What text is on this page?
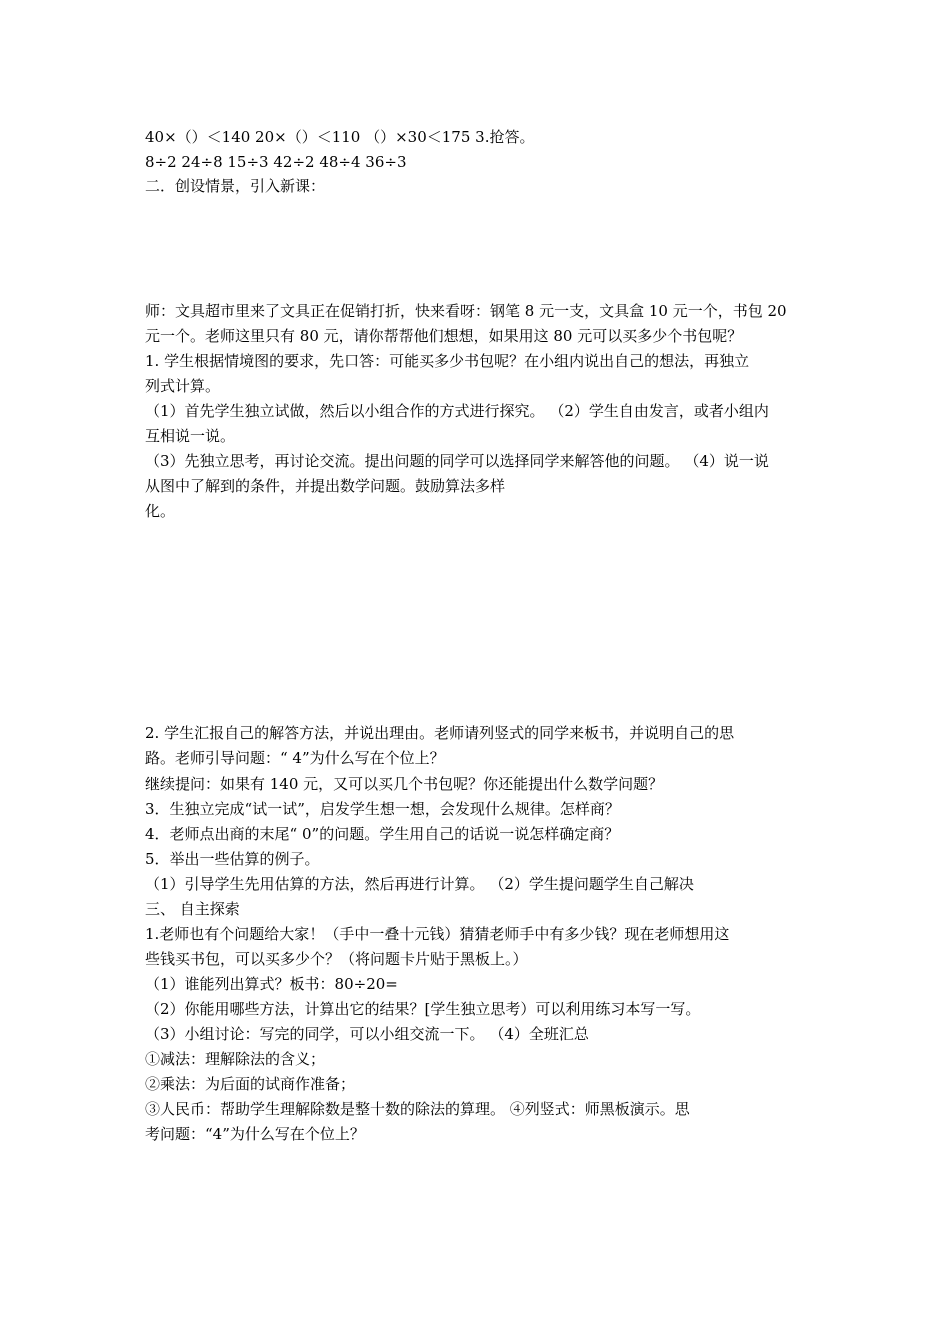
40×（）＜140 20×（）＜110 （）×30＜175 3.抢答。
8÷2 24÷8 15÷3 42÷2 48÷4 36÷3
二．创设情景，引入新课：
师：文具超市里来了文具正在促销打折，快来看呀：钢笔 8 元一支，文具盒 10 元一个，书包 20
元一个。老师这里只有 80 元，请你帮帮他们想想，如果用这 80 元可以买多少个书包呢？
1. 学生根据情境图的要求，先口答：可能买多少书包呢？在小组内说出自己的想法，再独立
列式计算。
（1）首先学生独立试做，然后以小组合作的方式进行探究。 （2）学生自由发言，或者小组内
互相说一说。
（3）先独立思考，再讨论交流。提出问题的同学可以选择同学来解答他的问题。 （4）说一说
从图中了解到的条件，并提出数学问题。鼓励算法多样
化。
2. 学生汇报自己的解答方法，并说出理由。老师请列竖式的同学来板书，并说明自己的思
路。老师引导问题：“ 4”为什么写在个位上？
继续提问：如果有 140 元，又可以买几个书包呢？你还能提出什么数学问题？
3．生独立完成“试一试”，启发学生想一想，会发现什么规律。怎样商？
4．老师点出商的末尾“ 0”的问题。学生用自己的话说一说怎样确定商？
5．举出一些估算的例子。
（1）引导学生先用估算的方法，然后再进行计算。 （2）学生提问题学生自己解决
三、 自主探索
1.老师也有个问题给大家！（手中一叠十元钱）猜猜老师手中有多少钱？现在老师想用这
些钱买书包，可以买多少个？（将问题卡片贴于黑板上。）
（1）谁能列出算式？板书：80÷20=
（2）你能用哪些方法，计算出它的结果？[学生独立思考）可以利用练习本写一写。
（3）小组讨论：写完的同学，可以小组交流一下。 （4）全班汇总
①减法：理解除法的含义；
②乘法：为后面的试商作准备；
③人民币：帮助学生理解除数是整十数的除法的算理。 ④列竖式：师黑板演示。思
考问题：“4”为什么写在个位上？
